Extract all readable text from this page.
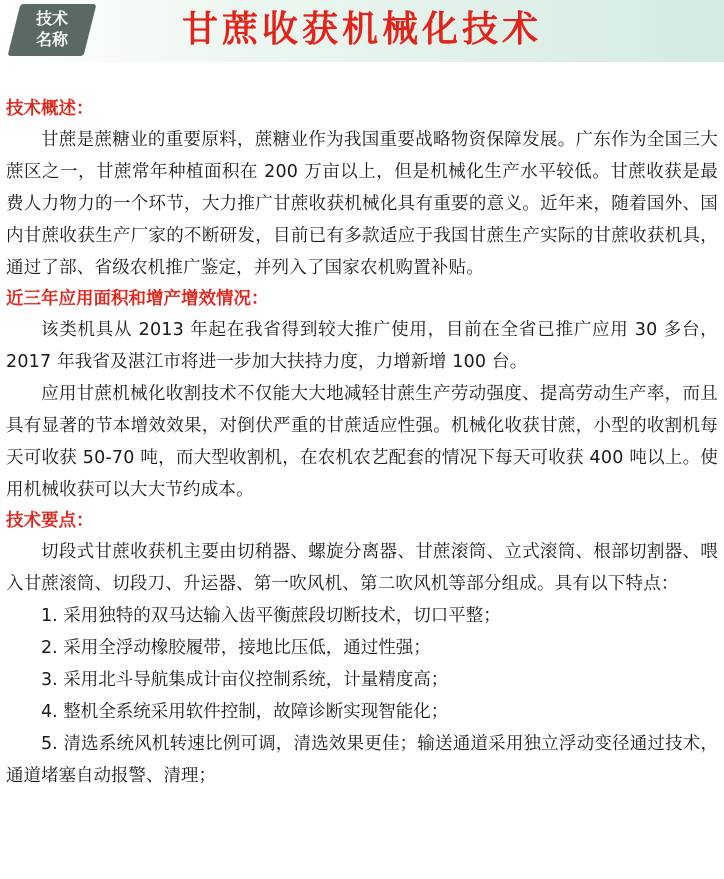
技术
名称	甘蔗收获机械化技术
技术概述：

甘蔗是蔗糖业的重要原料，蔗糖业作为我国重要战略物资保障发展。广东作为全国三大蔗区之一，甘蔗常年种植面积在 200 万亩以上，但是机械化生产水平较低。甘蔗收获是最费人力物力的一个环节，大力推广甘蔗收获机械化具有重要的意义。近年来，随着国外、国内甘蔗收获生产厂家的不断研发，目前已有多款适应于我国甘蔗生产实际的甘蔗收获机具，通过了部、省级农机推广鉴定，并列入了国家农机购置补贴。

近三年应用面积和增产增效情况：

该类机具从 2013 年起在我省得到较大推广使用，目前在全省已推广应用 30 多台，2017 年我省及湛江市将进一步加大扶持力度，力增新增 100 台。

应用甘蔗机械化收割技术不仅能大大地减轻甘蔗生产劳动强度、提高劳动生产率，而且具有显著的节本增效效果，对倒伏严重的甘蔗适应性强。机械化收获甘蔗，小型的收割机每天可收获 50-70 吨，而大型收割机，在农机农艺配套的情况下每天可收获 400 吨以上。使用机械收获可以大大节约成本。

技术要点：

切段式甘蔗收获机主要由切稍器、螺旋分离器、甘蔗滚筒、立式滚筒、根部切割器、喂入甘蔗滚筒、切段刀、升运器、第一吹风机、第二吹风机等部分组成。具有以下特点：

1. 采用独特的双马达输入齿平衡蔗段切断技术，切口平整；

2. 采用全浮动橡胶履带，接地比压低，通过性强；

3. 采用北斗导航集成计亩仪控制系统，计量精度高；

4. 整机全系统采用软件控制，故障诊断实现智能化；

5. 清选系统风机转速比例可调，清选效果更佳；输送通道采用独立浮动变径通过技术，通道堵塞自动报警、清理；
